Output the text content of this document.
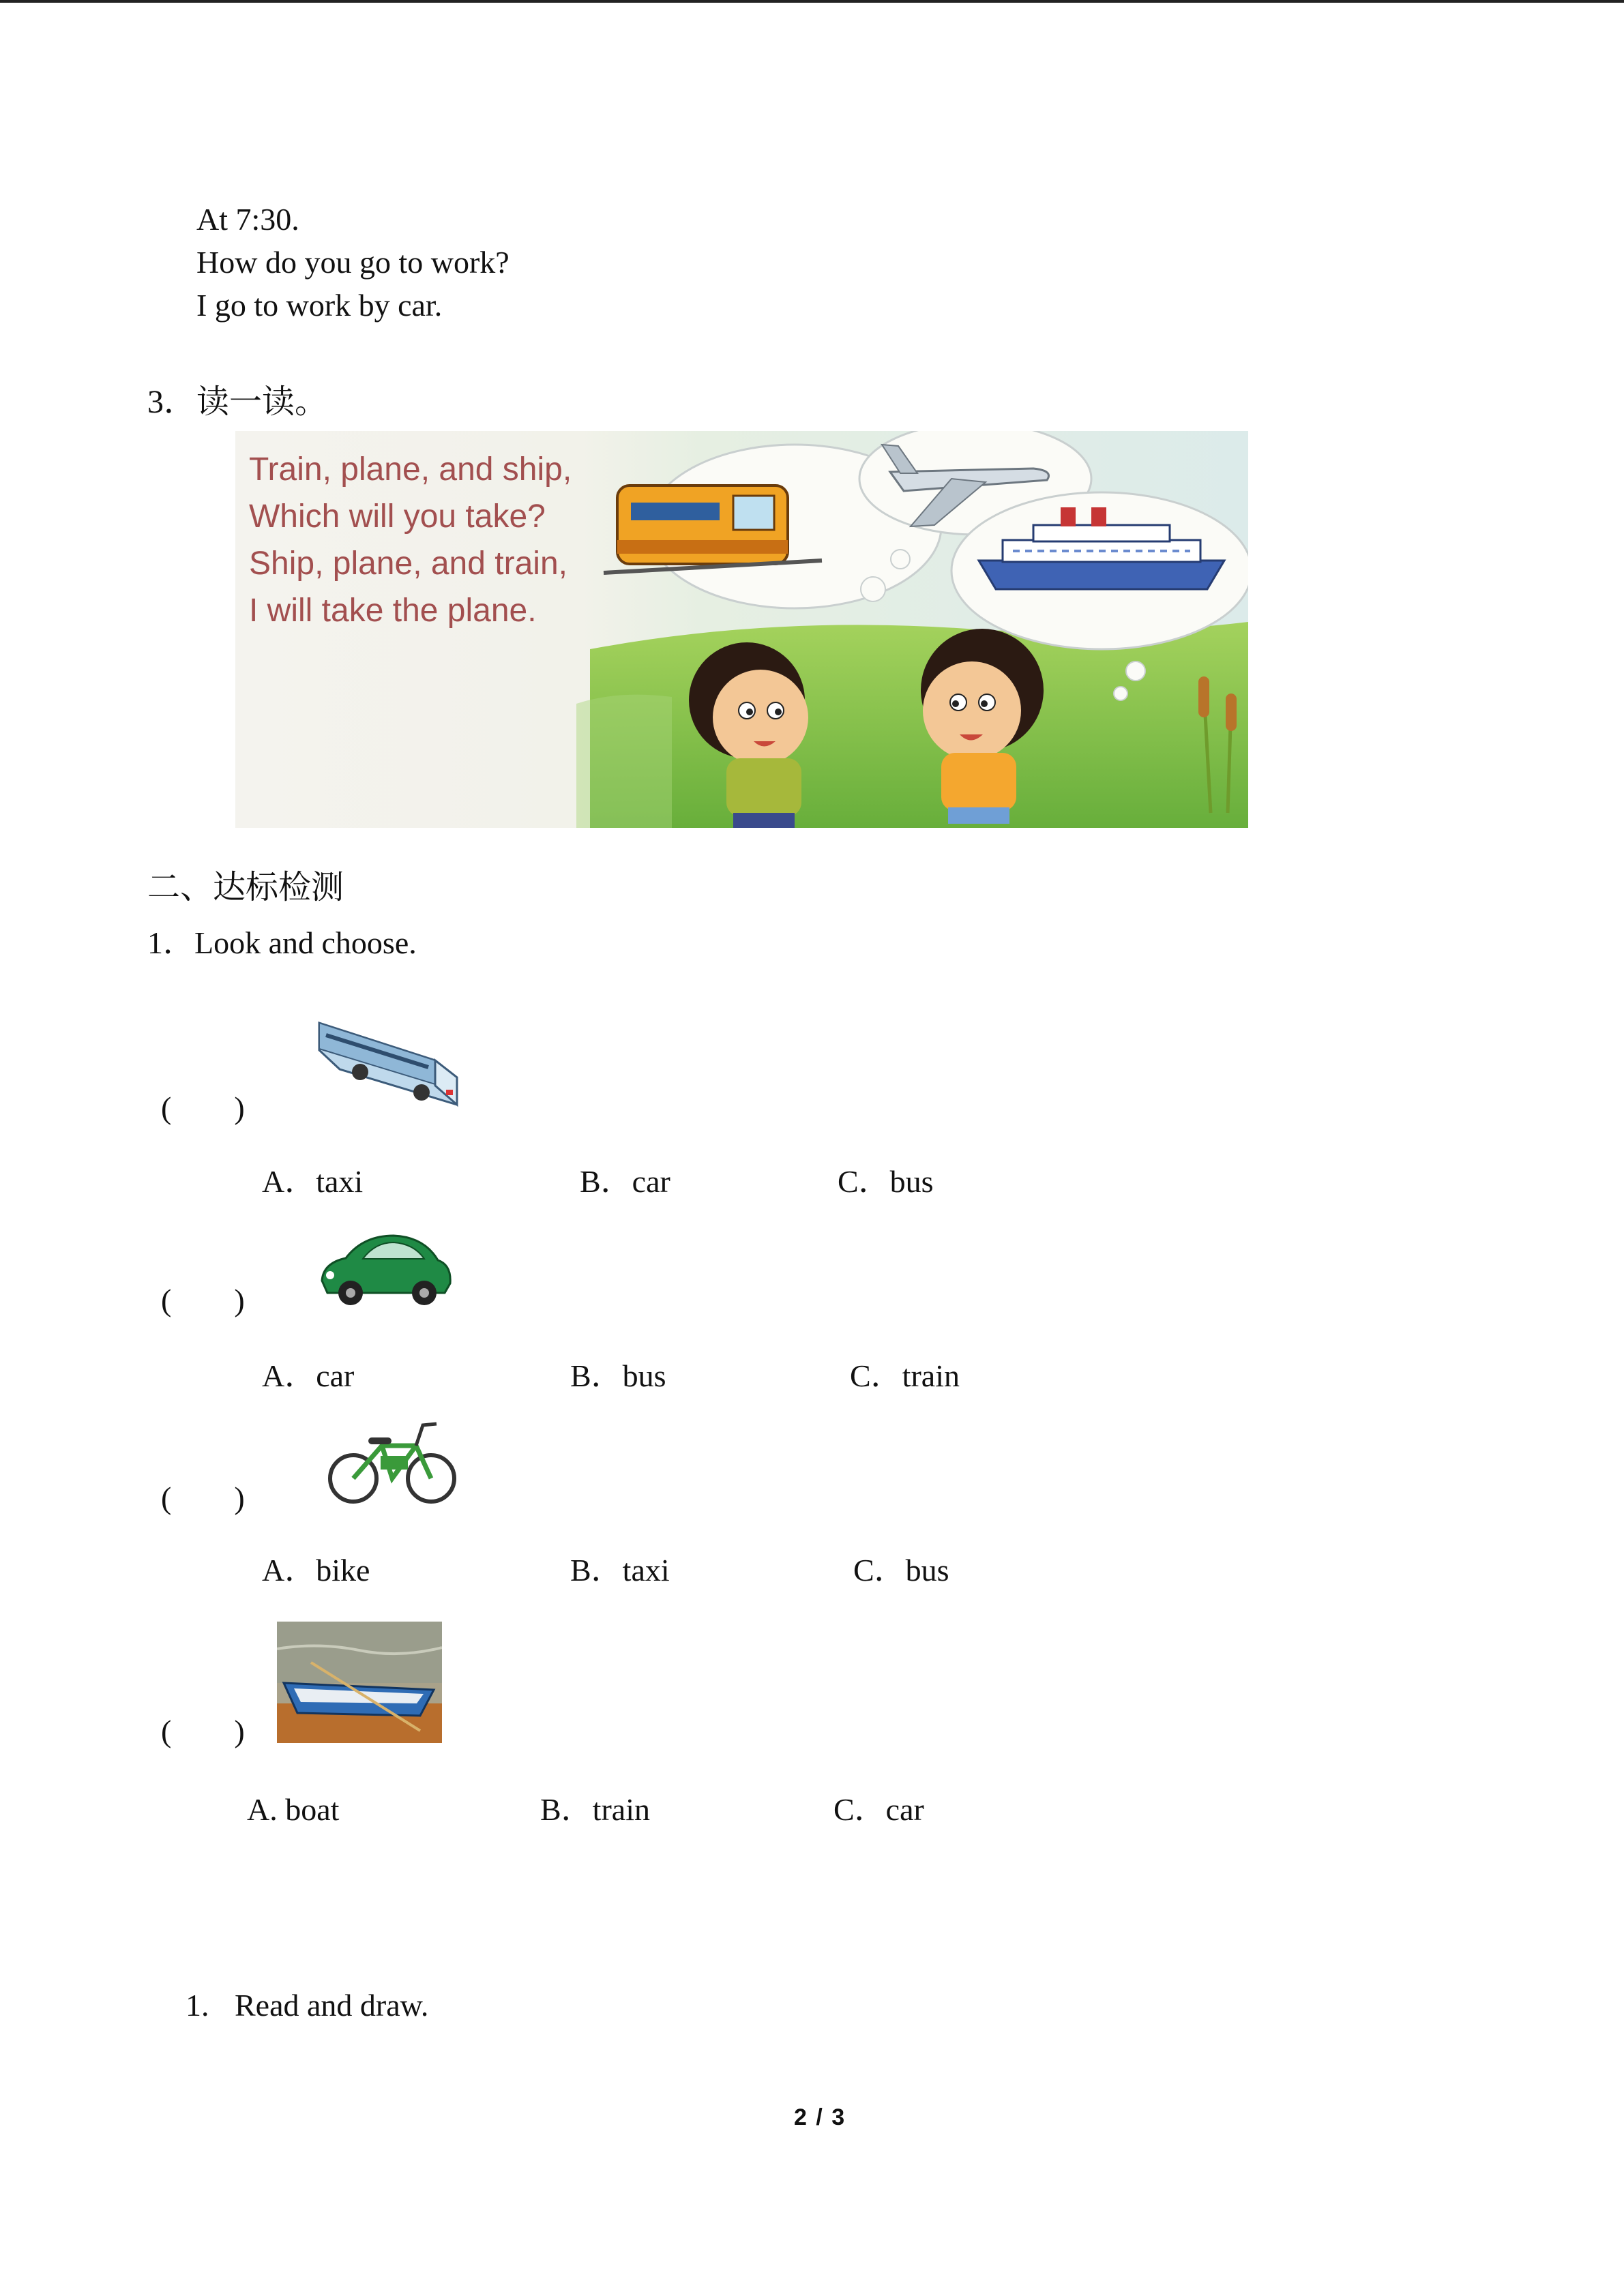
At 7:30.
How do you go to work?
I go to work by car.
3．读一读。
Train, plane, and ship,
Which will you take?
Ship, plane, and train,
I will take the plane.
二、达标检测
1．Look and choose.
(　　)
A．taxi	B．car	C．bus
(　　)
A．car	B．bus	C．train
(　　)
A．bike	B．taxi	C．bus
(　　)
A. boat	B．train	C．car
1. Read and draw.
2 / 3
